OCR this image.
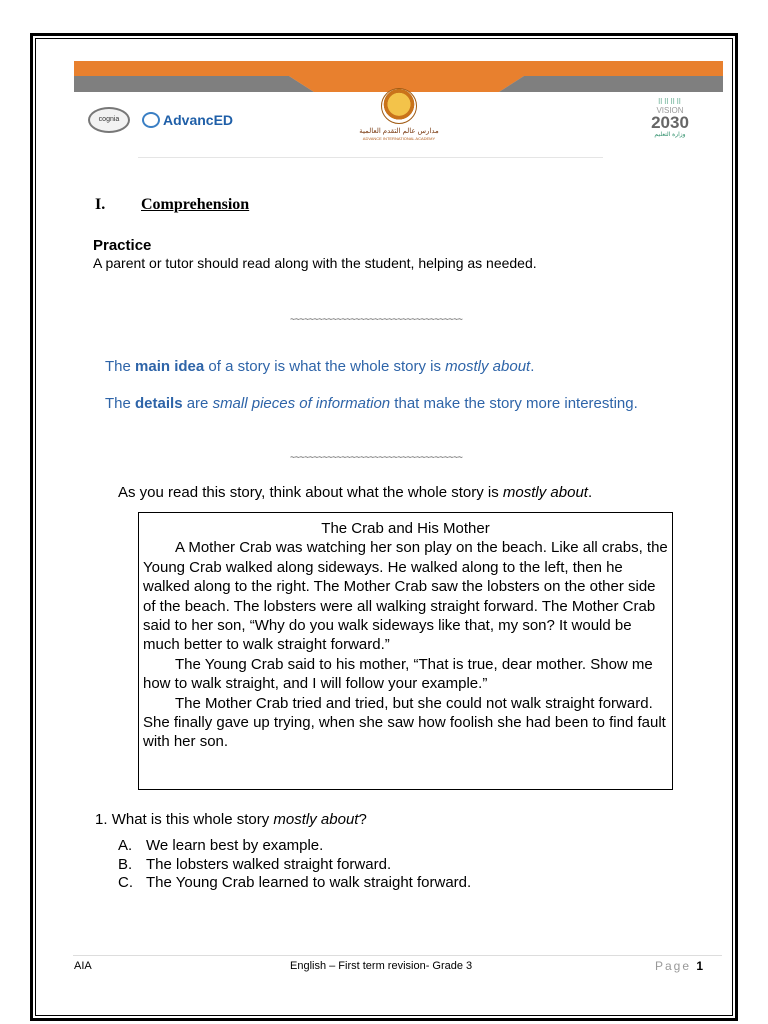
cognia	AdvancED
مدارس عالم التقدم العالمية
ADVANCE INTERNATIONAL ACADEMY
⠿⠿⠿⠿
VISION
2030
وزارة التعليم
I. Comprehension
Practice
A parent or tutor should read along with the student, helping as needed.
~~~~~~~~~~~~~~~~~~~~~~~~~~~~~~~~~~~~~
The main idea of a story is what the whole story is mostly about.
The details are small pieces of information that make the story more interesting.
~~~~~~~~~~~~~~~~~~~~~~~~~~~~~~~~~~~~~
As you read this story, think about what the whole story is mostly about.
The Crab and His Mother

A Mother Crab was watching her son play on the beach. Like all crabs, the Young Crab walked along sideways. He walked along to the left, then he walked along to the right. The Mother Crab saw the lobsters on the other side of the beach. The lobsters were all walking straight forward. The Mother Crab said to her son, “Why do you walk sideways like that, my son? It would be much better to walk straight forward.”

The Young Crab said to his mother, “That is true, dear mother. Show me how to walk straight, and I will follow your example.”

The Mother Crab tried and tried, but she could not walk straight forward. She finally gave up trying, when she saw how foolish she had been to find fault with her son.

1. What is this whole story mostly about?
A. We learn best by example.
B. The lobsters walked straight forward.
C. The Young Crab learned to walk straight forward.
AIA	English – First term revision- Grade 3	Page 1
